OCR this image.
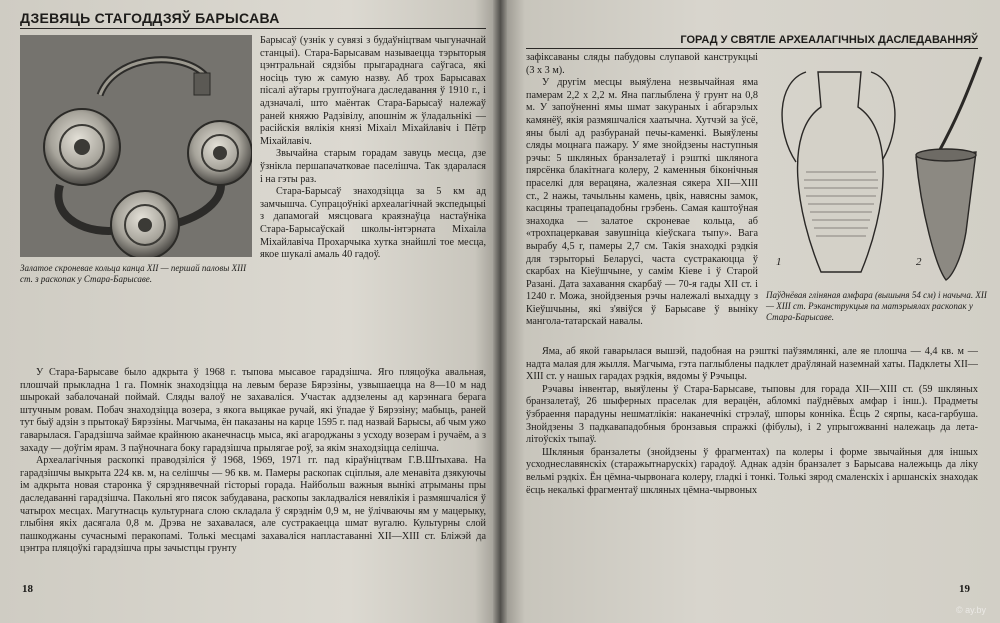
ДЗЕВЯЦЬ СТАГОДДЗЯЎ БАРЫСАВА
Залатое скроневае кольца канца XII — першай паловы XIII ст. з раскопак у Стара-Барысаве.

Барысаў (узнік у сувязі з будаўніцтвам чыгуначнай станцыі). Стара-Барысавам называецца тэрыторыя цэнтральнай сядзібы прыгараднага саўгаса, які носіць тую ж самую назву. Аб трох Барысавах пісалі аўтары груптоўнага даследавання ў 1910 г., і адзначалі, што маёнтак Стара-Барысаў належаў раней княжю Радзівілу, апошнім ж ўладальнікі — расійскія вялікія князі Міхаіл Міхайлавіч і Пётр Міхайлавіч.

Звычайна старым горадам завуць месца, дзе ўзнікла першапачатковае паселішча. Так здаралася і на гэты раз.

Стара-Барысаў знаходзіцца за 5 км ад замчышча. Супрацоўнікі археалагічнай экспедыцыі з дапамогай мясцовага краязнаўца настаўніка Стара-Барысаўскай школы-інтэрната Міхаіла Міхайлавіча Прохарчыка хутка знайшлі тое месца, якое шукалі амаль 40 гадоў.

У Стара-Барысаве было адкрыта ў 1968 г. тыпова мысавое гарадзішча. Яго пляцоўка авальная, плошчай прыкладна 1 га. Помнік знаходзіцца на левым беразе Бярэзіны, узвышаецца на 8—10 м над шырокай забалочанай поймай. Сляды валоў не захаваліся. Участак аддзелены ад карэннага берага штучным ровам. Побач знаходзіцца возера, з якога выцякае ручай, які ўпадае ў Бярэзіну; мабыць, раней тут быў адзін з прытокаў Бярэзіны. Магчыма, ён паказаны на карце 1595 г. пад назвай Барысы, аб чым ужо гаварылася. Гарадзішча займае крайнюю аканечнасць мыса, які агароджаны з усходу возерам і ручаём, а з захаду — доўгім ярам. З паўночнага боку гарадзішча прылягае роў, за якім знаходзіцца селішча.

Археалагічныя раскопкі праводзіліся ў 1968, 1969, 1971 гг. пад кіраўніцтвам Г.В.Штыхава. На гарадзішчы выкрыта 224 кв. м, на селішчы — 96 кв. м. Памеры раскопак сціплыя, але менавіта дзякуючы ім адкрыта новая старонка ў сярэднявечнай гісторыі горада. Найбольш важныя вынікі атрыманы пры даследаванні гарадзішча. Пакольні яго пясок забудавана, раскопы закладваліся невялікія і размяшчаліся ў чатырох месцах. Магутнасць культурнага слою складала ў сярэднім 0,9 м, не ўлічваючы ям у мацерыку, глыбіня якіх дасягала 0,8 м. Дрэва не захавалася, але сустракаецца шмат вугалю. Культурны слой пашкоджаны сучаснымі перакопамі. Толькі месцамі захаваліся напластаванні XII—XIII ст. Бліжэй да цэнтра пляцоўкі гарадзішча пры зачыстцы грунту

18
ГОРАД У СВЯТЛЕ АРХЕАЛАГІЧНЫХ ДАСЛЕДАВАННЯЎ

зафіксаваны сляды пабудовы слупавой канструкцыі (3 х 3 м).

У другім месцы выяўлена незвычайная яма памерам 2,2 х 2,2 м. Яна паглыблена ў грунт на 0,8 м. У запоўненні ямы шмат закураных і абгарэлых камянёў, якія размяшчаліся хаатычна. Хутчэй за ўсё, яны былі ад разбуранай печы-каменкі. Выяўлены сляды моцнага пажару. У яме знойдзены наступныя рэчы: 5 шкляных бранзалетаў і рэшткі шклянога пярсёнка блакітнага колеру, 2 каменныя біконічныя праселкі для верацяна, жалезная сякера XII—XIII ст., 2 нажы, тачыльны камень, цвік, навясны замок, касцяны трапецападобны грэбень. Самая каштоўная знаходка — залатое скроневае кольца, аб «трохпацеркавая завушніца кіеўскага тыпу». Вага вырабу 4,5 г, памеры 2,7 см. Такія знаходкі рэдкія для тэрыторыі Беларусі, часта сустракаюцца ў скарбах на Кіеўшчыне, у самім Кіеве і ў Старой Разані. Дата захавання скарбаў — 70-я гады XII ст. і 1240 г. Можа, знойдзеныя рэчы належалі выхадцу з Кіеўшчыны, які з'явіўся ў Барысаве ў выніку мангола-татарскай навалы.

1	2
Паўднёвая гліняная амфара (вышыня 54 см) і начыча. XII — XIII ст. Рэканструкцыя па матэрыялах раскопак у Стара-Барысаве.

Яма, аб якой гаварылася вышэй, падобная на рэшткі паўзямлянкі, але яе плошча — 4,4 кв. м — надта малая для жылля. Магчыма, гэта паглыблены падклет драўлянай наземнай хаты. Падклеты XII—XIII ст. у нашых гарадах рэдкія, вядомы ў Рэчыцы.

Рэчавы інвентар, выяўлены ў Стара-Барысаве, тыповы для горада XII—XIII ст. (59 шкляных бранзалетаў, 26 шыферных праселак для верацён, абломкі паўднёвых амфар і інш.). Прадметы ўзбраення парадуны нешматлікія: наканечнікі стрэлаў, шпоры конніка. Ёсць 2 сярпы, каса-гарбуша. Знойдзены 3 падкавападобныя бронзавыя спражкі (фібулы), і 2 упрыгожванні належаць да лета-літоўскіх тыпаў.

Шкляныя бранзалеты (знойдзены ў фрагментах) па колеры і форме звычайныя для іншых усходнеславянскіх (старажытнарускіх) гарадоў. Аднак адзін бранзалет з Барысава належыць да ліку вельмі рэдкіх. Ён цёмна-чырвонага колеру, гладкі і тонкі. Толькі зярод смаленскіх і аршанскіх знаходак ёсць некалькі фрагментаў шкляных цёмна-чырвоных

19
© ay.by
